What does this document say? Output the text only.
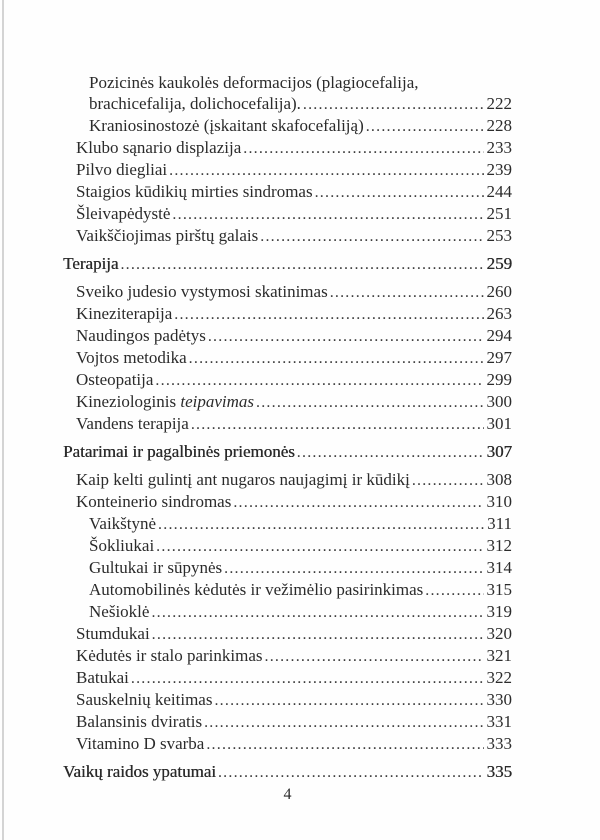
Pozicinės kaukolės deformacijos (plagiocefalija,
brachicefalija, dolichocefalija). .....	222
Kraniosinostozė (įskaitant skafocefaliją) .....	228
Klubo sąnario displazija .....	233
Pilvo diegliai .....	239
Staigios kūdikių mirties sindromas .....	244
Šleivapėdystė .....	251
Vaikščiojimas pirštų galais .....	253
Terapija .....	259
Sveiko judesio vystymosi skatinimas .....	260
Kineziterapija .....	263
Naudingos padėtys .....	294
Vojtos metodika .....	297
Osteopatija .....	299
Kineziologinis teipavimas .....	300
Vandens terapija .....	301
Patarimai ir pagalbinės priemonės .....	307
Kaip kelti gulintį ant nugaros naujagimį ir kūdikį .....	308
Konteinerio sindromas .....	310
Vaikštynė .....	311
Šokliukai .....	312
Gultukai ir sūpynės .....	314
Automobilinės kėdutės ir vežimėlio pasirinkimas .....	315
Nešioklė .....	319
Stumdukai .....	320
Kėdutės ir stalo parinkimas .....	321
Batukai .....	322
Sauskelnių keitimas .....	330
Balansinis dviratis .....	331
Vitamino D svarba .....	333
Vaikų raidos ypatumai .....	335
4
